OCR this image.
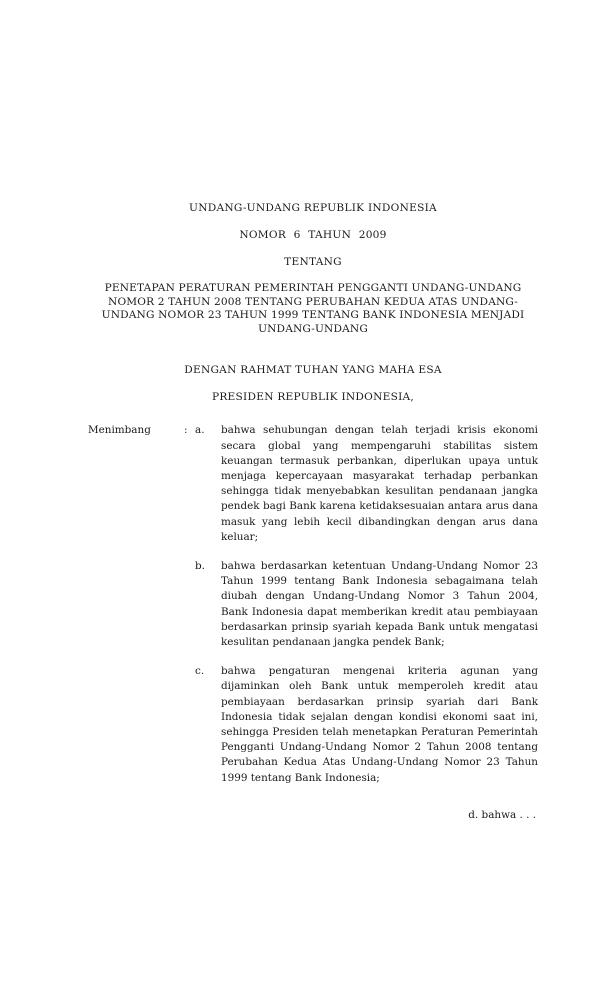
UNDANG-UNDANG REPUBLIK INDONESIA
NOMOR 6 TAHUN 2009
TENTANG
PENETAPAN PERATURAN PEMERINTAH PENGGANTI UNDANG-UNDANG
NOMOR 2 TAHUN 2008 TENTANG PERUBAHAN KEDUA ATAS UNDANG-
UNDANG NOMOR 23 TAHUN 1999 TENTANG BANK INDONESIA MENJADI
UNDANG-UNDANG
DENGAN RAHMAT TUHAN YANG MAHA ESA
PRESIDEN REPUBLIK INDONESIA,
Menimbang	: a.	bahwa sehubungan dengan telah terjadi krisis ekonomi secara global yang mempengaruhi stabilitas sistem keuangan termasuk perbankan, diperlukan upaya untuk menjaga kepercayaan masyarakat terhadap perbankan sehingga tidak menyebabkan kesulitan pendanaan jangka pendek bagi Bank karena ketidaksesuaian antara arus dana masuk yang lebih kecil dibandingkan dengan arus dana keluar;
b.	bahwa berdasarkan ketentuan Undang-Undang Nomor 23 Tahun 1999 tentang Bank Indonesia sebagaimana telah diubah dengan Undang-Undang Nomor 3 Tahun 2004, Bank Indonesia dapat memberikan kredit atau pembiayaan berdasarkan prinsip syariah kepada Bank untuk mengatasi kesulitan pendanaan jangka pendek Bank;
c.	bahwa pengaturan mengenai kriteria agunan yang dijaminkan oleh Bank untuk memperoleh kredit atau pembiayaan berdasarkan prinsip syariah dari Bank Indonesia tidak sejalan dengan kondisi ekonomi saat ini, sehingga Presiden telah menetapkan Peraturan Pemerintah Pengganti Undang-Undang Nomor 2 Tahun 2008 tentang Perubahan Kedua Atas Undang-Undang Nomor 23 Tahun 1999 tentang Bank Indonesia;
d. bahwa . . .
